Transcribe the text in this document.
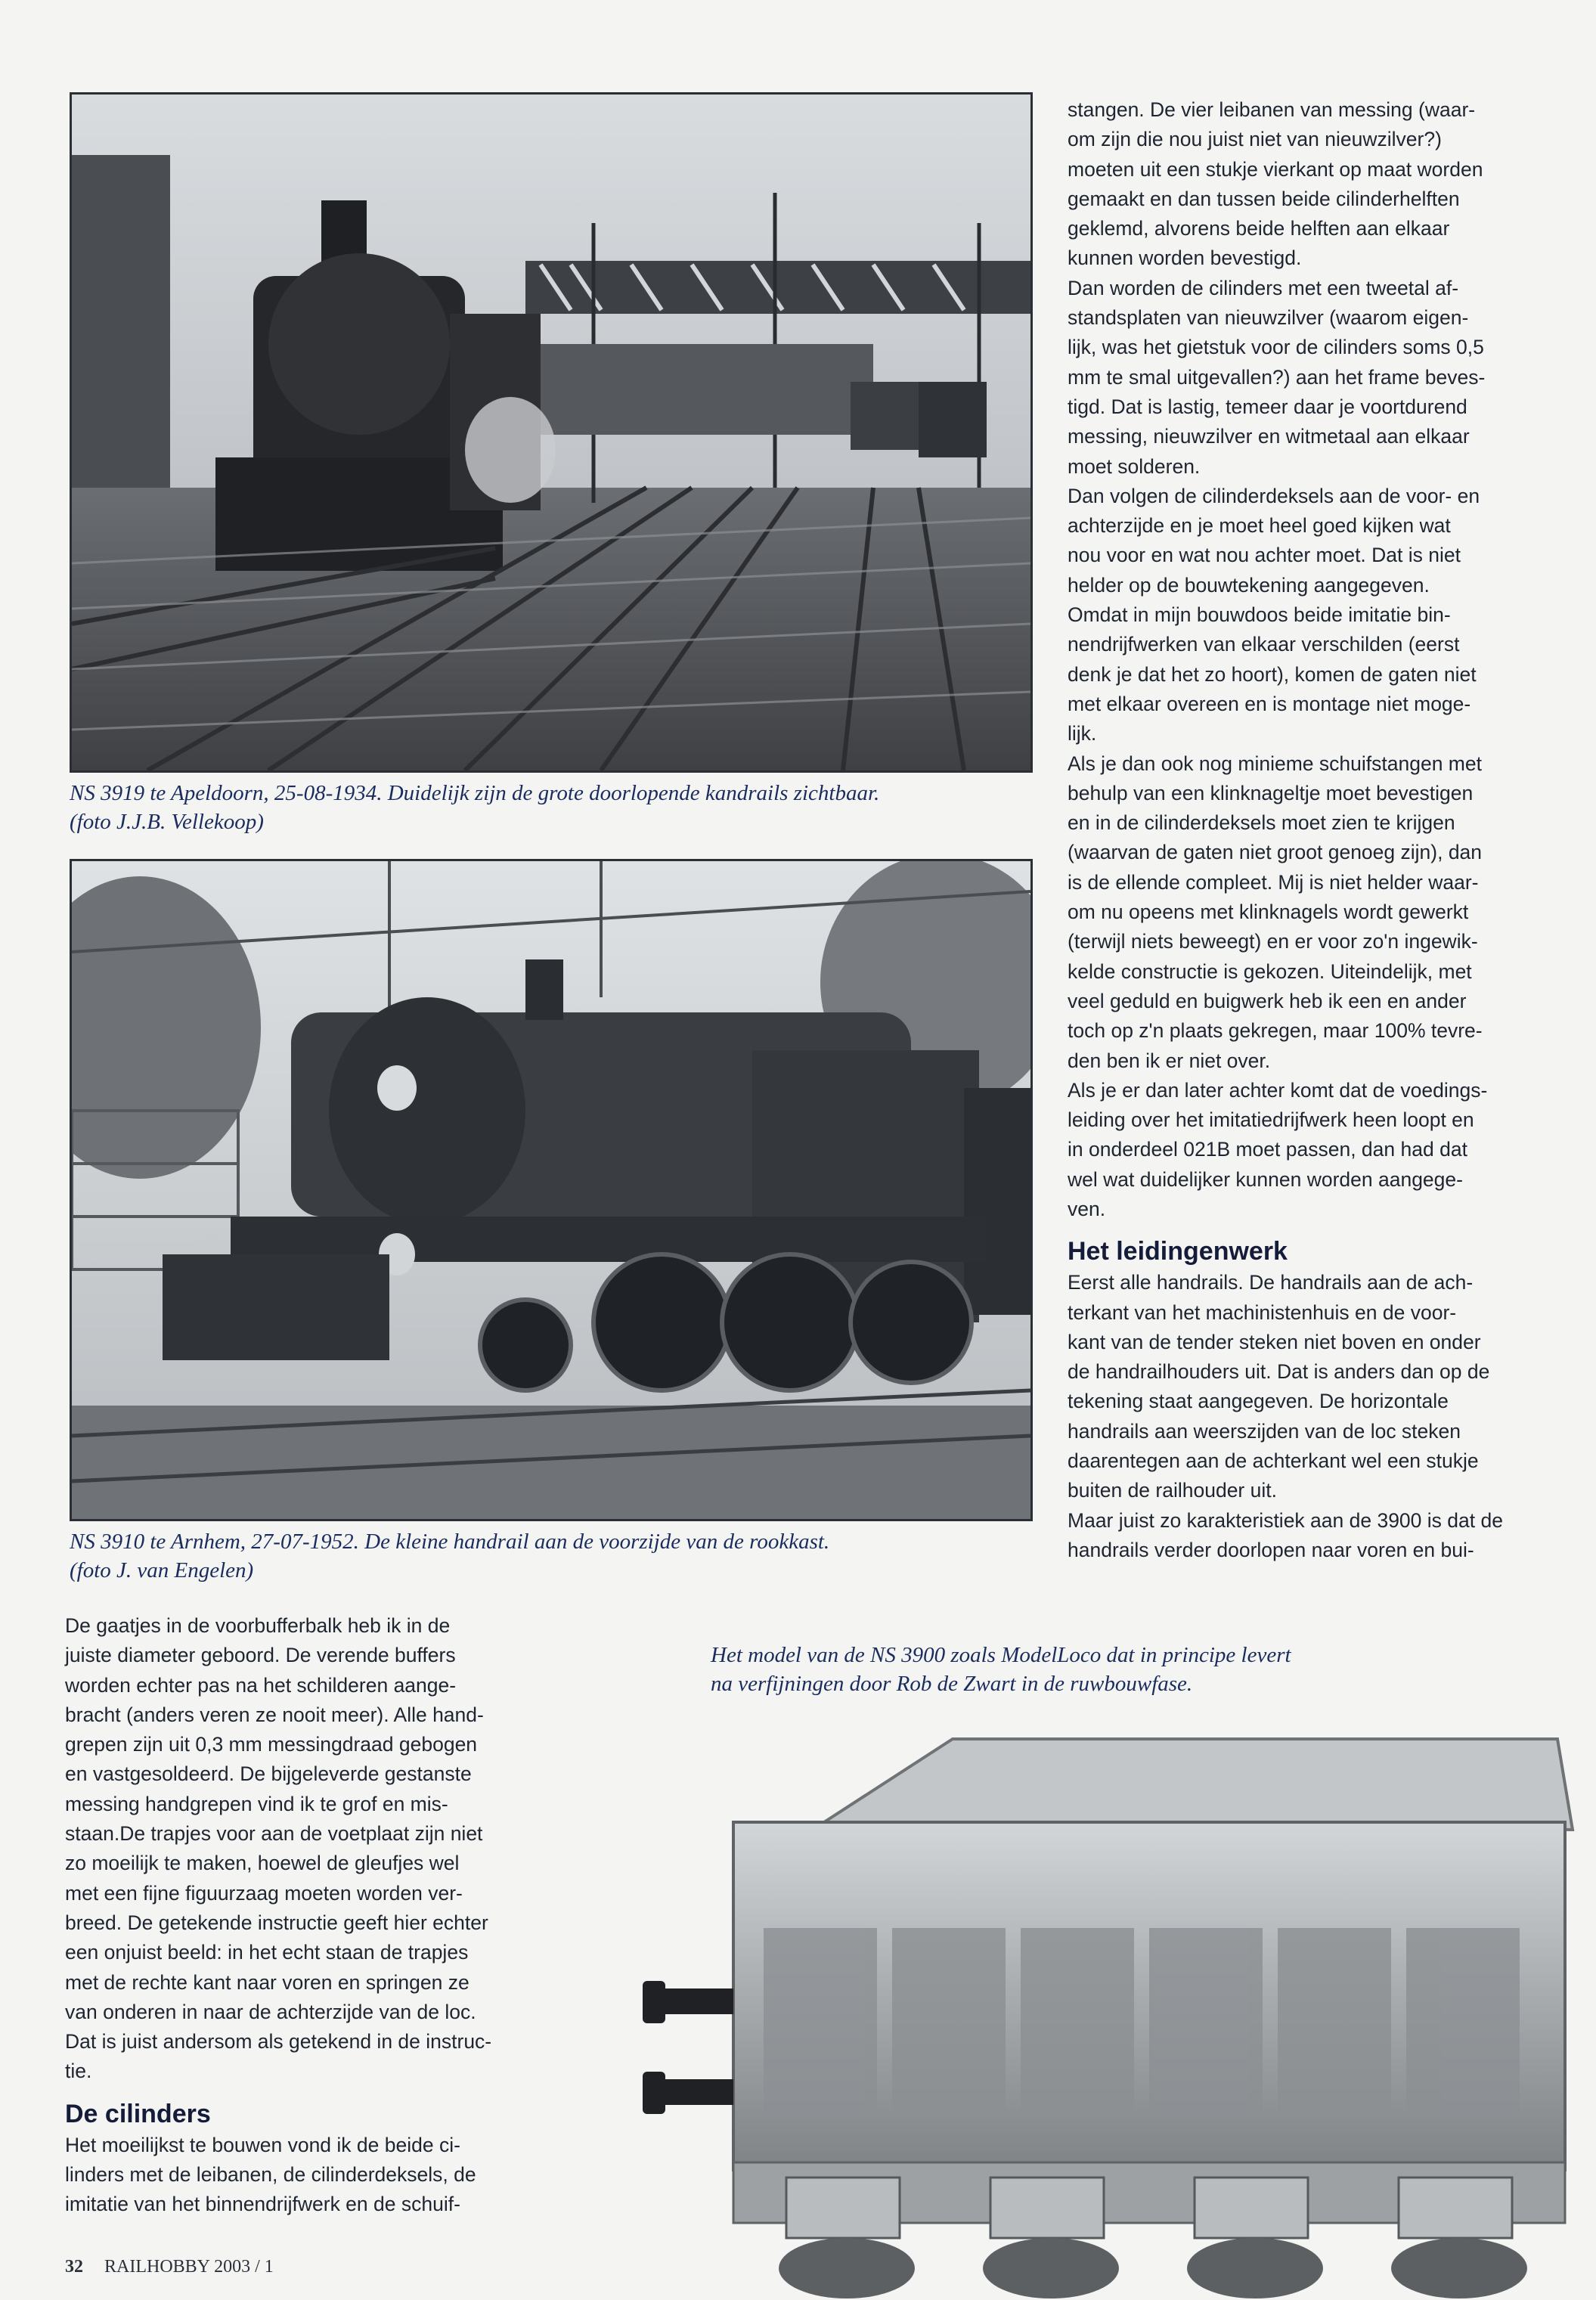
NS 3919 te Apeldoorn, 25-08-1934. Duidelijk zijn de grote doorlopende kandrails zichtbaar.
(foto J.J.B. Vellekoop)
NS 3910 te Arnhem, 27-07-1952. De kleine handrail aan de voorzijde van de rookkast.
(foto J. van Engelen)
stangen. De vier leibanen van messing (waar-
om zijn die nou juist niet van nieuwzilver?)
moeten uit een stukje vierkant op maat worden
gemaakt en dan tussen beide cilinderhelften
geklemd, alvorens beide helften aan elkaar
kunnen worden bevestigd.
Dan worden de cilinders met een tweetal af-
standsplaten van nieuwzilver (waarom eigen-
lijk, was het gietstuk voor de cilinders soms 0,5
mm te smal uitgevallen?) aan het frame beves-
tigd. Dat is lastig, temeer daar je voortdurend
messing, nieuwzilver en witmetaal aan elkaar
moet solderen.
Dan volgen de cilinderdeksels aan de voor- en
achterzijde en je moet heel goed kijken wat
nou voor en wat nou achter moet. Dat is niet
helder op de bouwtekening aangegeven.
Omdat in mijn bouwdoos beide imitatie bin-
nendrijfwerken van elkaar verschilden (eerst
denk je dat het zo hoort), komen de gaten niet
met elkaar overeen en is montage niet moge-
lijk.
Als je dan ook nog minieme schuifstangen met
behulp van een klinknageltje moet bevestigen
en in de cilinderdeksels moet zien te krijgen
(waarvan de gaten niet groot genoeg zijn), dan
is de ellende compleet. Mij is niet helder waar-
om nu opeens met klinknagels wordt gewerkt
(terwijl niets beweegt) en er voor zo'n ingewik-
kelde constructie is gekozen. Uiteindelijk, met
veel geduld en buigwerk heb ik een en ander
toch op z'n plaats gekregen, maar 100% tevre-
den ben ik er niet over.
Als je er dan later achter komt dat de voedings-
leiding over het imitatiedrijfwerk heen loopt en
in onderdeel 021B moet passen, dan had dat
wel wat duidelijker kunnen worden aangege-
ven.
Het leidingenwerk
Eerst alle handrails. De handrails aan de ach-
terkant van het machinistenhuis en de voor-
kant van de tender steken niet boven en onder
de handrailhouders uit. Dat is anders dan op de
tekening staat aangegeven. De horizontale
handrails aan weerszijden van de loc steken
daarentegen aan de achterkant wel een stukje
buiten de railhouder uit.
Maar juist zo karakteristiek aan de 3900 is dat de
handrails verder doorlopen naar voren en bui-
De gaatjes in de voorbufferbalk heb ik in de
juiste diameter geboord. De verende buffers
worden echter pas na het schilderen aange-
bracht (anders veren ze nooit meer). Alle hand-
grepen zijn uit 0,3 mm messingdraad gebogen
en vastgesoldeerd. De bijgeleverde gestanste
messing handgrepen vind ik te grof en mis-
staan.De trapjes voor aan de voetplaat zijn niet
zo moeilijk te maken, hoewel de gleufjes wel
met een fijne figuurzaag moeten worden ver-
breed. De getekende instructie geeft hier echter
een onjuist beeld: in het echt staan de trapjes
met de rechte kant naar voren en springen ze
van onderen in naar de achterzijde van de loc.
Dat is juist andersom als getekend in de instruc-
tie.
De cilinders
Het moeilijkst te bouwen vond ik de beide ci-
linders met de leibanen, de cilinderdeksels, de
imitatie van het binnendrijfwerk en de schuif-
Het model van de NS 3900 zoals ModelLoco dat in principe levert
na verfijningen door Rob de Zwart in de ruwbouwfase.
32 RAILHOBBY 2003 / 1
